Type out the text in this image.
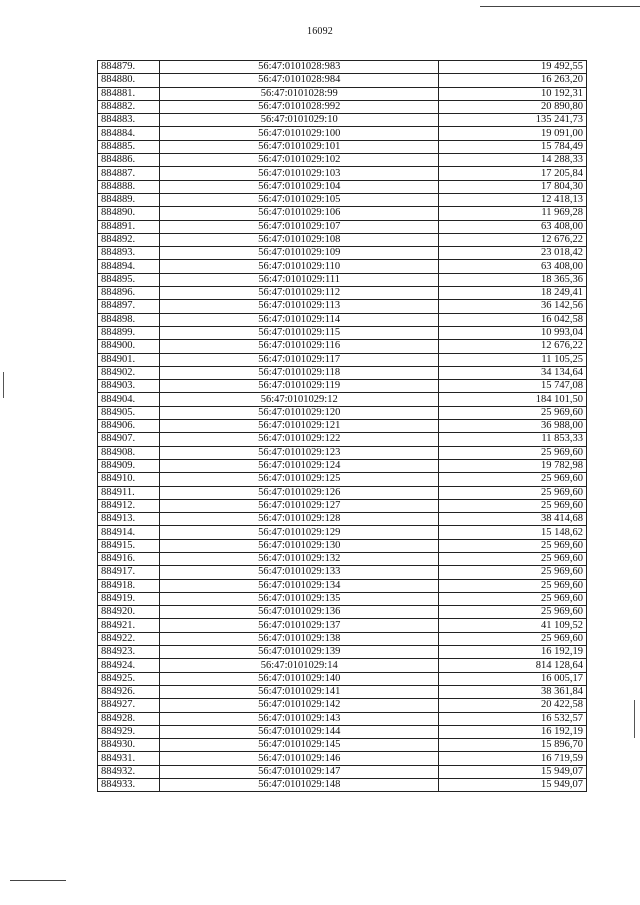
16092
884879.	56:47:0101028:983	19 492,55
884880.	56:47:0101028:984	16 263,20
884881.	56:47:0101028:99	10 192,31
884882.	56:47:0101028:992	20 890,80
884883.	56:47:0101029:10	135 241,73
884884.	56:47:0101029:100	19 091,00
884885.	56:47:0101029:101	15 784,49
884886.	56:47:0101029:102	14 288,33
884887.	56:47:0101029:103	17 205,84
884888.	56:47:0101029:104	17 804,30
884889.	56:47:0101029:105	12 418,13
884890.	56:47:0101029:106	11 969,28
884891.	56:47:0101029:107	63 408,00
884892.	56:47:0101029:108	12 676,22
884893.	56:47:0101029:109	23 018,42
884894.	56:47:0101029:110	63 408,00
884895.	56:47:0101029:111	18 365,36
884896.	56:47:0101029:112	18 249,41
884897.	56:47:0101029:113	36 142,56
884898.	56:47:0101029:114	16 042,58
884899.	56:47:0101029:115	10 993,04
884900.	56:47:0101029:116	12 676,22
884901.	56:47:0101029:117	11 105,25
884902.	56:47:0101029:118	34 134,64
884903.	56:47:0101029:119	15 747,08
884904.	56:47:0101029:12	184 101,50
884905.	56:47:0101029:120	25 969,60
884906.	56:47:0101029:121	36 988,00
884907.	56:47:0101029:122	11 853,33
884908.	56:47:0101029:123	25 969,60
884909.	56:47:0101029:124	19 782,98
884910.	56:47:0101029:125	25 969,60
884911.	56:47:0101029:126	25 969,60
884912.	56:47:0101029:127	25 969,60
884913.	56:47:0101029:128	38 414,68
884914.	56:47:0101029:129	15 148,62
884915.	56:47:0101029:130	25 969,60
884916.	56:47:0101029:132	25 969,60
884917.	56:47:0101029:133	25 969,60
884918.	56:47:0101029:134	25 969,60
884919.	56:47:0101029:135	25 969,60
884920.	56:47:0101029:136	25 969,60
884921.	56:47:0101029:137	41 109,52
884922.	56:47:0101029:138	25 969,60
884923.	56:47:0101029:139	16 192,19
884924.	56:47:0101029:14	814 128,64
884925.	56:47:0101029:140	16 005,17
884926.	56:47:0101029:141	38 361,84
884927.	56:47:0101029:142	20 422,58
884928.	56:47:0101029:143	16 532,57
884929.	56:47:0101029:144	16 192,19
884930.	56:47:0101029:145	15 896,70
884931.	56:47:0101029:146	16 719,59
884932.	56:47:0101029:147	15 949,07
884933.	56:47:0101029:148	15 949,07
